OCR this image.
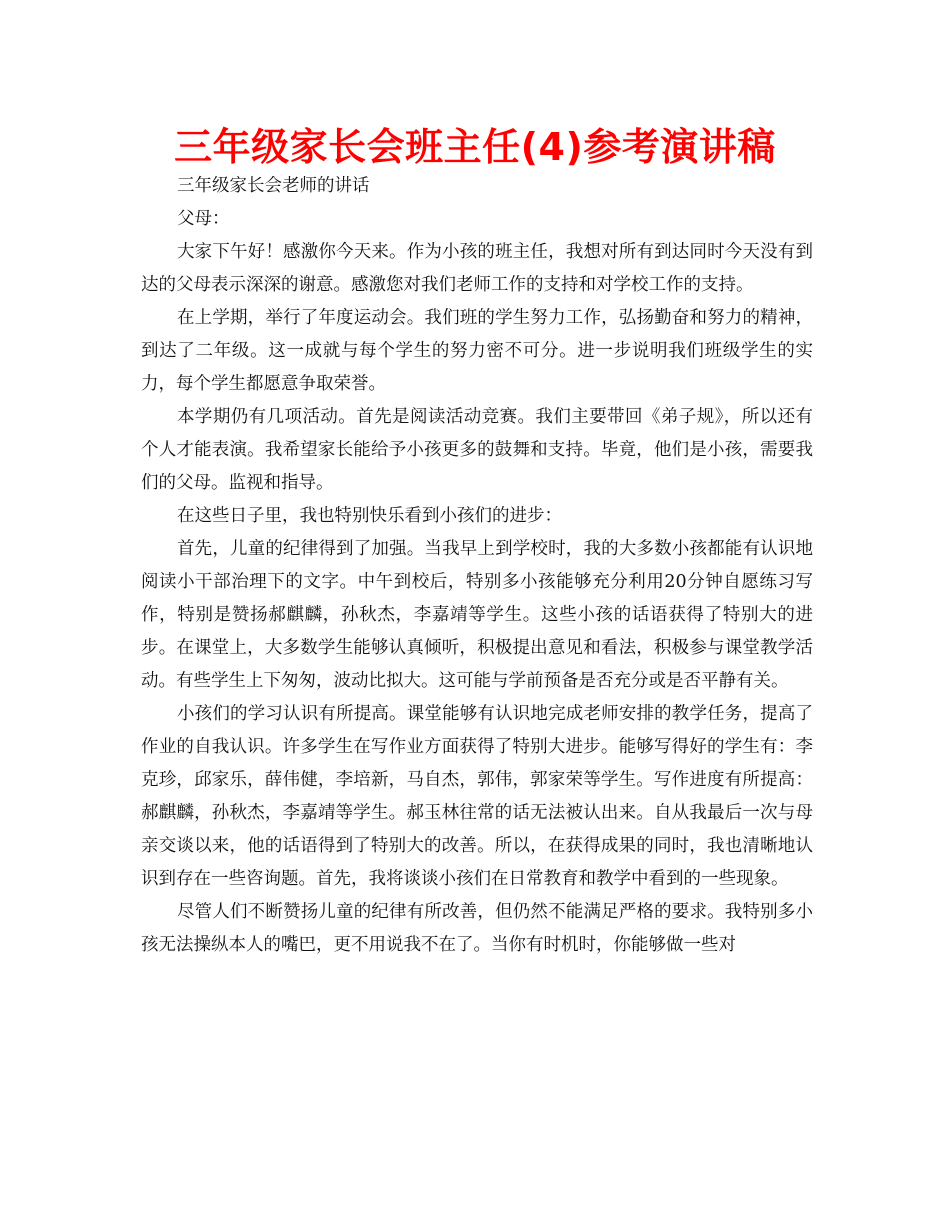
三年级家长会班主任(4)参考演讲稿

三年级家长会老师的讲话

父母：

大家下午好！感激你今天来。作为小孩的班主任，我想对所有到达同时今天没有到达的父母表示深深的谢意。感激您对我们老师工作的支持和对学校工作的支持。

在上学期，举行了年度运动会。我们班的学生努力工作，弘扬勤奋和努力的精神，到达了二年级。这一成就与每个学生的努力密不可分。进一步说明我们班级学生的实力，每个学生都愿意争取荣誉。

本学期仍有几项活动。首先是阅读活动竞赛。我们主要带回《弟子规》，所以还有个人才能表演。我希望家长能给予小孩更多的鼓舞和支持。毕竟，他们是小孩，需要我们的父母。监视和指导。

在这些日子里，我也特别快乐看到小孩们的进步：

首先，儿童的纪律得到了加强。当我早上到学校时，我的大多数小孩都能有认识地阅读小干部治理下的文字。中午到校后，特别多小孩能够充分利用20分钟自愿练习写作，特别是赞扬郝麒麟，孙秋杰，李嘉靖等学生。这些小孩的话语获得了特别大的进步。在课堂上，大多数学生能够认真倾听，积极提出意见和看法，积极参与课堂教学活动。有些学生上下匆匆，波动比拟大。这可能与学前预备是否充分或是否平静有关。

小孩们的学习认识有所提高。课堂能够有认识地完成老师安排的教学任务，提高了作业的自我认识。许多学生在写作业方面获得了特别大进步。能够写得好的学生有：李克珍，邱家乐，薛伟健，李培新，马自杰，郭伟，郭家荣等学生。写作进度有所提高：郝麒麟，孙秋杰，李嘉靖等学生。郝玉林往常的话无法被认出来。自从我最后一次与母亲交谈以来，他的话语得到了特别大的改善。所以，在获得成果的同时，我也清晰地认识到存在一些咨询题。首先，我将谈谈小孩们在日常教育和教学中看到的一些现象。

尽管人们不断赞扬儿童的纪律有所改善，但仍然不能满足严格的要求。我特别多小孩无法操纵本人的嘴巴，更不用说我不在了。当你有时机时，你能够做一些对
